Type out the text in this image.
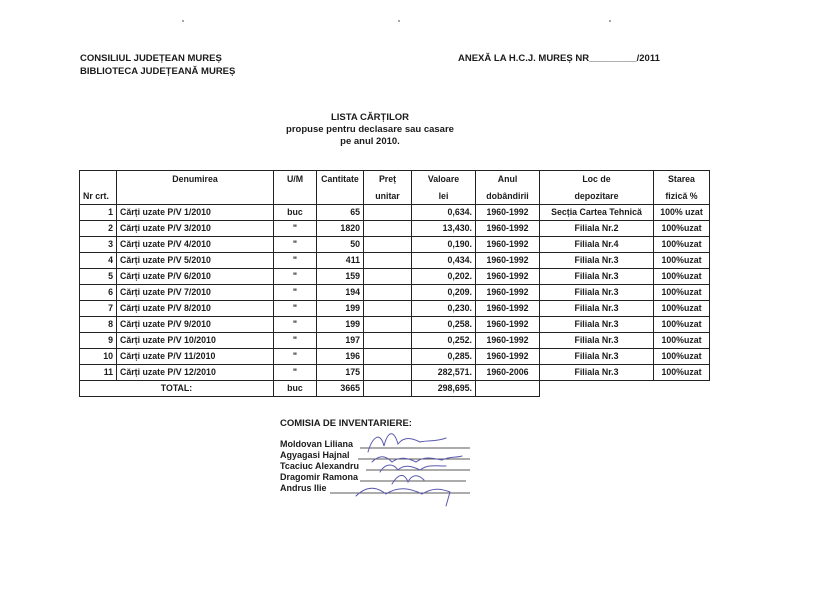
CONSILIUL JUDEȚEAN MUREȘ
BIBLIOTECA JUDEȚEANĂ MUREȘ
ANEXĂ LA H.C.J. MUREȘ NR_________/2011
LISTA CĂRȚILOR
propuse pentru declasare sau casare
pe anul 2010.
	Denumirea	U/M	Cantitate	Preț	Valoare	Anul	Loc de	Starea
Nr crt.				unitar	lei	dobândirii	depozitare	fizică %
1	Cărți uzate P/V 1/2010	buc	65		0,634.	1960-1992	Secția Cartea Tehnică	100% uzat
2	Cărți uzate P/V 3/2010	"	1820		13,430.	1960-1992	Filiala Nr.2	100%uzat
3	Cărți uzate P/V 4/2010	"	50		0,190.	1960-1992	Filiala Nr.4	100%uzat
4	Cărți uzate P/V 5/2010	"	411		0,434.	1960-1992	Filiala Nr.3	100%uzat
5	Cărți uzate P/V 6/2010	"	159		0,202.	1960-1992	Filiala Nr.3	100%uzat
6	Cărți uzate P/V 7/2010	"	194		0,209.	1960-1992	Filiala Nr.3	100%uzat
7	Cărți uzate P/V 8/2010	"	199		0,230.	1960-1992	Filiala Nr.3	100%uzat
8	Cărți uzate P/V 9/2010	"	199		0,258.	1960-1992	Filiala Nr.3	100%uzat
9	Cărți uzate P/V 10/2010	"	197		0,252.	1960-1992	Filiala Nr.3	100%uzat
10	Cărți uzate P/V 11/2010	"	196		0,285.	1960-1992	Filiala Nr.3	100%uzat
11	Cărți uzate P/V 12/2010	"	175		282,571.	1960-2006	Filiala Nr.3	100%uzat
TOTAL:		buc	3665		298,695.			
COMISIA DE INVENTARIERE:
Moldovan Liliana
Agyagasi Hajnal
Tcaciuc Alexandru
Dragomir Ramona
Andrus Ilie
